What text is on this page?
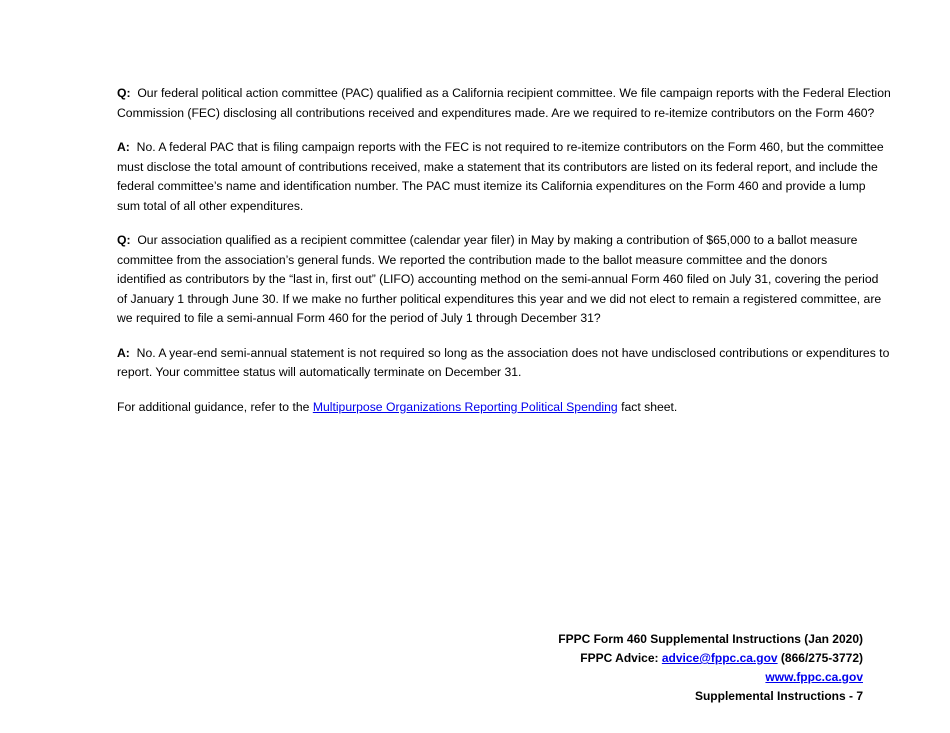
Q: Our federal political action committee (PAC) qualified as a California recipient committee. We file campaign reports with the Federal Election
Commission (FEC) disclosing all contributions received and expenditures made. Are we required to re-itemize contributors on the Form 460?
A: No. A federal PAC that is filing campaign reports with the FEC is not required to re-itemize contributors on the Form 460, but the committee
must disclose the total amount of contributions received, make a statement that its contributors are listed on its federal report, and include the
federal committee’s name and identification number. The PAC must itemize its California expenditures on the Form 460 and provide a lump
sum total of all other expenditures.
Q: Our association qualified as a recipient committee (calendar year filer) in May by making a contribution of $65,000 to a ballot measure
committee from the association’s general funds. We reported the contribution made to the ballot measure committee and the donors
identified as contributors by the “last in, first out” (LIFO) accounting method on the semi-annual Form 460 filed on July 31, covering the period
of January 1 through June 30. If we make no further political expenditures this year and we did not elect to remain a registered committee, are
we required to file a semi-annual Form 460 for the period of July 1 through December 31?
A: No. A year-end semi-annual statement is not required so long as the association does not have undisclosed contributions or expenditures to
report. Your committee status will automatically terminate on December 31.
For additional guidance, refer to the Multipurpose Organizations Reporting Political Spending fact sheet.
FPPC Form 460 Supplemental Instructions (Jan 2020)
FPPC Advice: advice@fppc.ca.gov (866/275-3772)
www.fppc.ca.gov
Supplemental Instructions - 7
